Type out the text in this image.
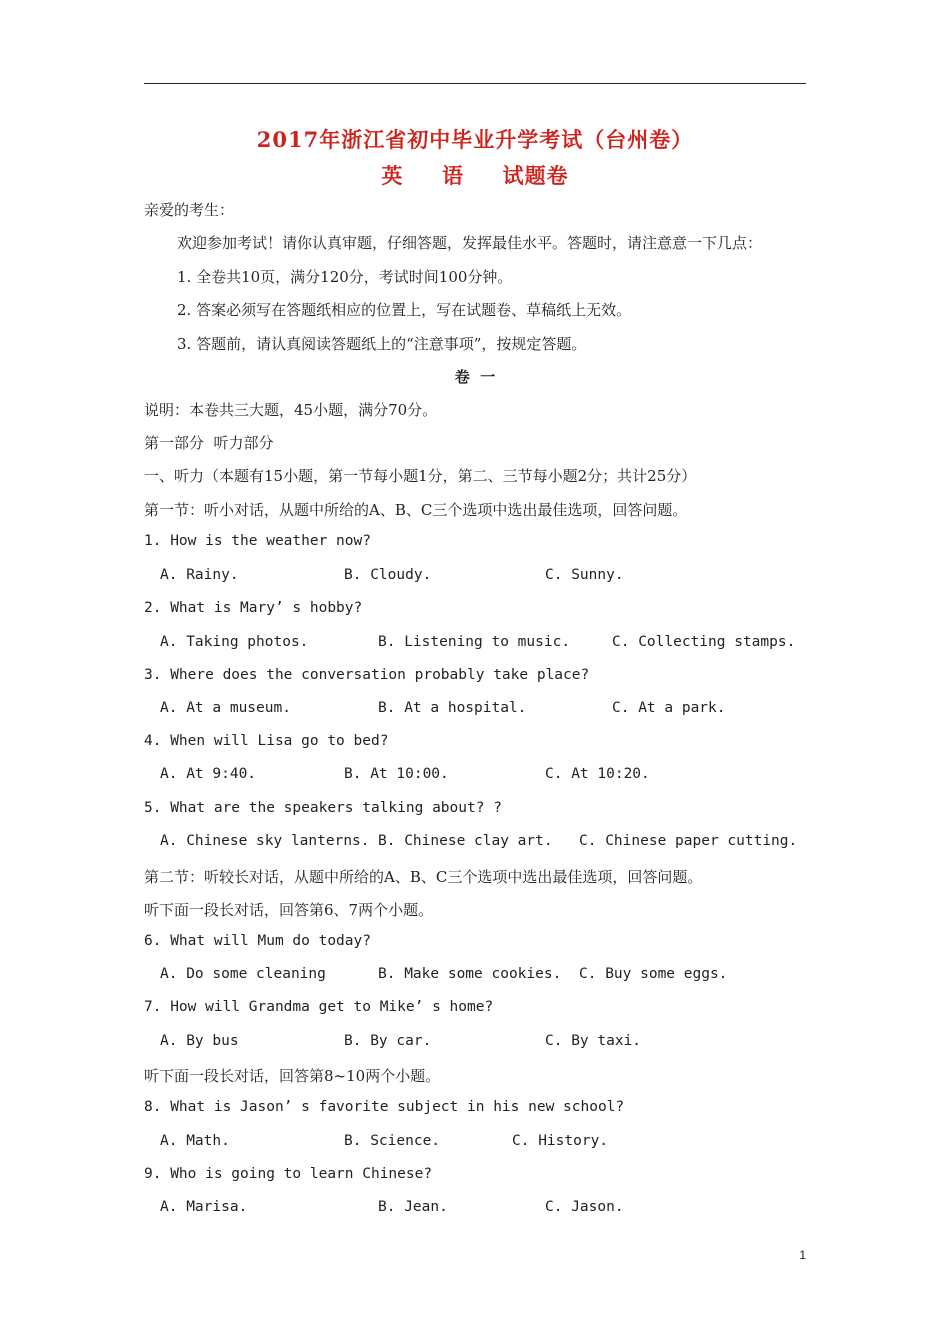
2017年浙江省初中毕业升学考试（台州卷）
英 语 试题卷
亲爱的考生：
欢迎参加考试！请你认真审题，仔细答题，发挥最佳水平。答题时，请注意意一下几点：
1. 全卷共10页，满分120分，考试时间100分钟。
2. 答案必须写在答题纸相应的位置上，写在试题卷、草稿纸上无效。
3. 答题前，请认真阅读答题纸上的“注意事项”，按规定答题。
卷  一
说明：本卷共三大题，45小题，满分70分。
第一部分  听力部分
一、听力（本题有15小题，第一节每小题1分，第二、三节每小题2分；共计25分）
第一节：听小对话，从题中所给的A、B、C三个选项中选出最佳选项，回答问题。
1. How is the weather now?
A. Rainy.	B. Cloudy.	C. Sunny.
2. What is Mary’ s hobby?
A. Taking photos.	B. Listening to music.	C. Collecting stamps.
3. Where does the conversation probably take place?
A. At a museum.	B. At a hospital.	C. At a park.
4. When will Lisa go to bed?
A. At 9:40.	B. At 10:00.	C. At 10:20.
5. What are the speakers talking about? ?
A. Chinese sky lanterns. B. Chinese clay art. C. Chinese paper cutting.
第二节：听较长对话，从题中所给的A、B、C三个选项中选出最佳选项，回答问题。
听下面一段长对话，回答第6、7两个小题。
6. What will Mum do today?
A. Do some cleaning	B. Make some cookies. C. Buy some eggs.
7. How will Grandma get to Mike’ s home?
A. By bus	B. By car.	C. By taxi.
听下面一段长对话，回答第8~10两个小题。
8. What is Jason’ s favorite subject in his new school?
A. Math.	B. Science.	C. History.
9. Who is going to learn Chinese?
A. Marisa.	B. Jean.	C. Jason.
1
